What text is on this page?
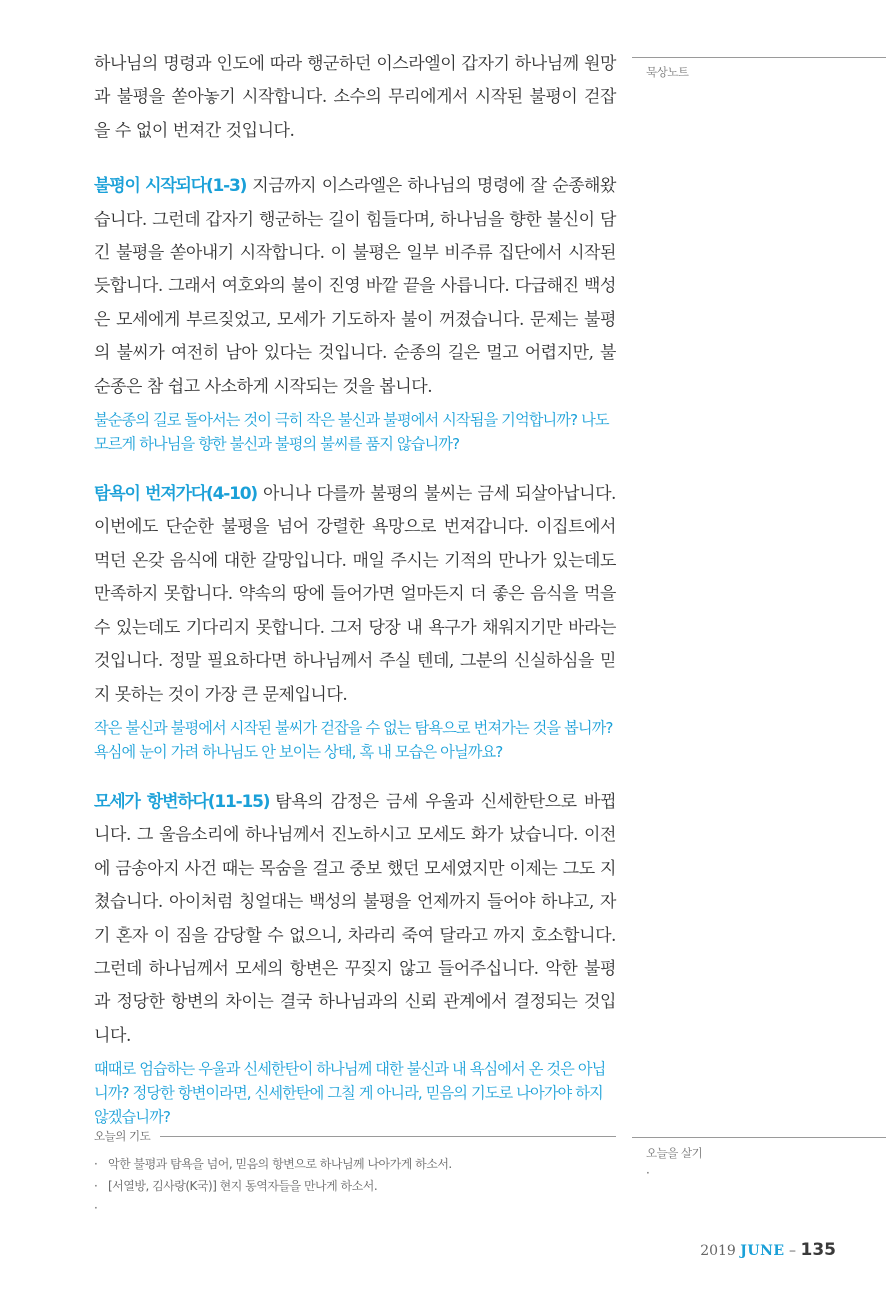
묵상노트

하나님의 명령과 인도에 따라 행군하던 이스라엘이 갑자기 하나님께 원망과 불평을 쏟아놓기 시작합니다. 소수의 무리에게서 시작된 불평이 걷잡을 수 없이 번져간 것입니다.

불평이 시작되다(1-3) 지금까지 이스라엘은 하나님의 명령에 잘 순종해왔습니다. 그런데 갑자기 행군하는 길이 힘들다며, 하나님을 향한 불신이 담긴 불평을 쏟아내기 시작합니다. 이 불평은 일부 비주류 집단에서 시작된 듯합니다. 그래서 여호와의 불이 진영 바깥 끝을 사릅니다. 다급해진 백성은 모세에게 부르짖었고, 모세가 기도하자 불이 꺼졌습니다. 문제는 불평의 불씨가 여전히 남아 있다는 것입니다. 순종의 길은 멀고 어렵지만, 불순종은 참 쉽고 사소하게 시작되는 것을 봅니다.

불순종의 길로 돌아서는 것이 극히 작은 불신과 불평에서 시작됨을 기억합니까? 나도 모르게 하나님을 향한 불신과 불평의 불씨를 품지 않습니까?

탐욕이 번져가다(4-10) 아니나 다를까 불평의 불씨는 금세 되살아납니다. 이번에도 단순한 불평을 넘어 강렬한 욕망으로 번져갑니다. 이집트에서 먹던 온갖 음식에 대한 갈망입니다. 매일 주시는 기적의 만나가 있는데도 만족하지 못합니다. 약속의 땅에 들어가면 얼마든지 더 좋은 음식을 먹을 수 있는데도 기다리지 못합니다. 그저 당장 내 욕구가 채워지기만 바라는 것입니다. 정말 필요하다면 하나님께서 주실 텐데, 그분의 신실하심을 믿지 못하는 것이 가장 큰 문제입니다.

작은 불신과 불평에서 시작된 불씨가 걷잡을 수 없는 탐욕으로 번져가는 것을 봅니까? 욕심에 눈이 가려 하나님도 안 보이는 상태, 혹 내 모습은 아닐까요?

모세가 항변하다(11-15) 탐욕의 감정은 금세 우울과 신세한탄으로 바뀝니다. 그 울음소리에 하나님께서 진노하시고 모세도 화가 났습니다. 이전에 금송아지 사건 때는 목숨을 걸고 중보 했던 모세였지만 이제는 그도 지쳤습니다. 아이처럼 칭얼대는 백성의 불평을 언제까지 들어야 하냐고, 자기 혼자 이 짐을 감당할 수 없으니, 차라리 죽여 달라고 까지 호소합니다. 그런데 하나님께서 모세의 항변은 꾸짖지 않고 들어주십니다. 악한 불평과 정당한 항변의 차이는 결국 하나님과의 신뢰 관계에서 결정되는 것입니다.

때때로 엄습하는 우울과 신세한탄이 하나님께 대한 불신과 내 욕심에서 온 것은 아닙니까? 정당한 항변이라면, 신세한탄에 그칠 게 아니라, 믿음의 기도로 나아가야 하지 않겠습니까?

오늘의 기도
· 악한 불평과 탐욕을 넘어, 믿음의 항변으로 하나님께 나아가게 하소서.
· [서열방, 김사랑(K국)] 현지 동역자들을 만나게 하소서.
·
오늘을 살기
·
2019 JUNE – 135
